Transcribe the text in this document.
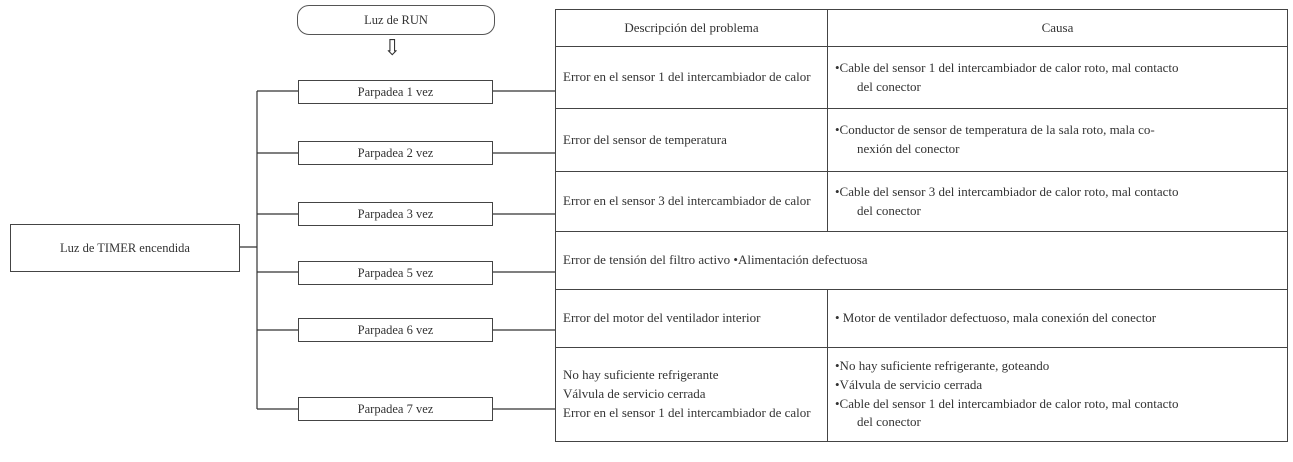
Luz de RUN
⇩
Luz de TIMER encendida
Parpadea 1 vez
Parpadea 2 vez
Parpadea 3 vez
Parpadea 5 vez
Parpadea 6 vez
Parpadea 7 vez
Descripción del problema	Causa

Error en el sensor 1 del intercambiador de calor	•Cable del sensor 1 del intercambiador de calor roto, mal contacto
del conector

Error del sensor de temperatura	•Conductor de sensor de temperatura de la sala roto, mala co-
nexión del conector

Error en el sensor 3 del intercambiador de calor	•Cable del sensor 3 del intercambiador de calor roto, mal contacto
del conector

Error de tensión del filtro activo •Alimentación defectuosa	

Error del motor del ventilador interior	• Motor de ventilador defectuoso, mala conexión del conector

No hay suficiente refrigerante
Válvula de servicio cerrada
Error en el sensor 1 del intercambiador de calor	•No hay suficiente refrigerante, goteando
•Válvula de servicio cerrada
•Cable del sensor 1 del intercambiador de calor roto, mal contacto
del conector
